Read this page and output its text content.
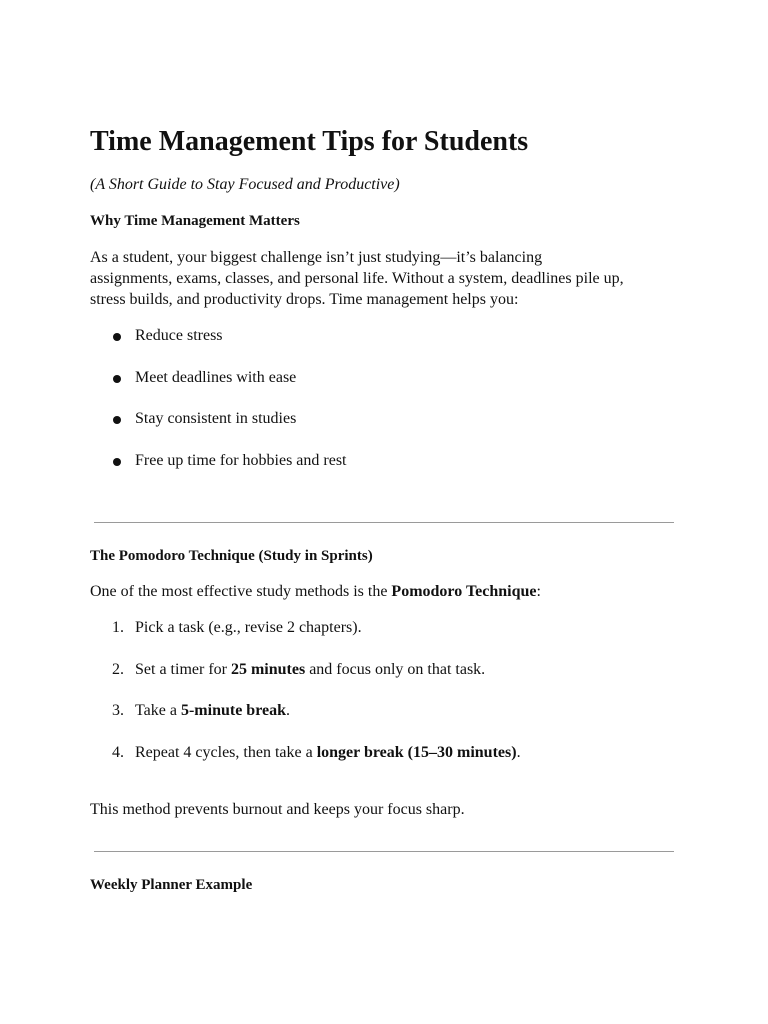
Time Management Tips for Students

(A Short Guide to Stay Focused and Productive)

Why Time Management Matters

As a student, your biggest challenge isn’t just studying—it’s balancing
assignments, exams, classes, and personal life. Without a system, deadlines pile up,
stress builds, and productivity drops. Time management helps you:
Reduce stress
Meet deadlines with ease
Stay consistent in studies
Free up time for hobbies and rest

The Pomodoro Technique (Study in Sprints)

One of the most effective study methods is the Pomodoro Technique:

1. Pick a task (e.g., revise 2 chapters).
2. Set a timer for 25 minutes and focus only on that task.
3. Take a 5-minute break.
4. Repeat 4 cycles, then take a longer break (15–30 minutes).

This method prevents burnout and keeps your focus sharp.

Weekly Planner Example
